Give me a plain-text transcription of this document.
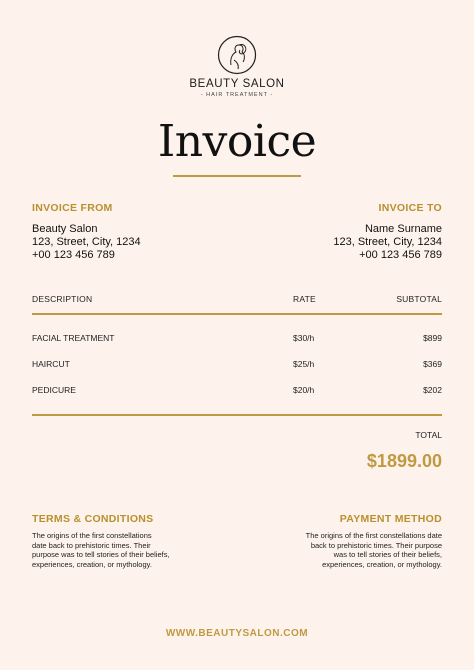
BEAUTY SALON
- HAIR TREATMENT -
Invoice
INVOICE FROM	INVOICE TO
Beauty Salon
123, Street, City, 1234
+00 123 456 789
Name Surname
123, Street, City, 1234
+00 123 456 789
DESCRIPTION	RATE	SUBTOTAL
FACIAL TREATMENT	$30/h	$899
HAIRCUT	$25/h	$369
PEDICURE	$20/h	$202
TOTAL
$1899.00
TERMS & CONDITIONS	PAYMENT METHOD
The origins of the first constellations
date back to prehistoric times. Their
purpose was to tell stories of their beliefs,
experiences, creation, or mythology.
The origins of the first constellations date
back to prehistoric times. Their purpose
was to tell stories of their beliefs,
experiences, creation, or mythology.
WWW.BEAUTYSALON.COM
